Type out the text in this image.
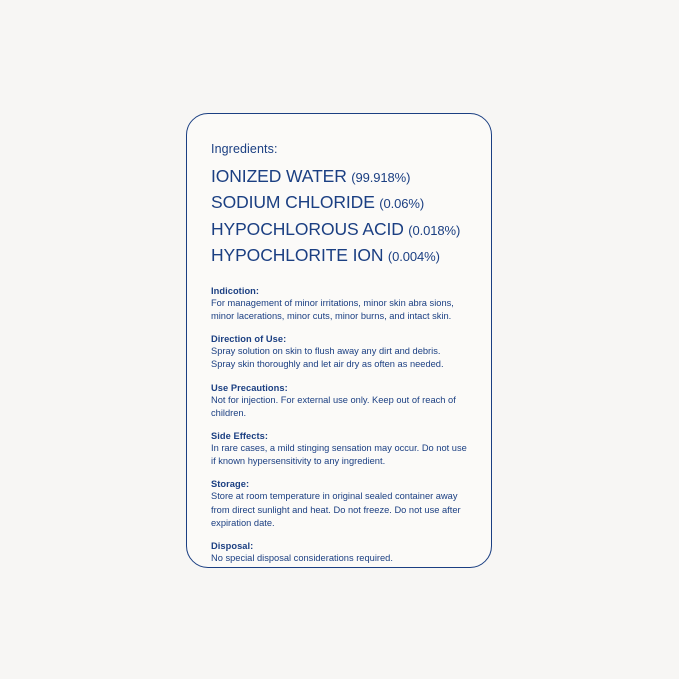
Ingredients:

IONIZED WATER (99.918%)
SODIUM CHLORIDE (0.06%)
HYPOCHLOROUS ACID (0.018%)
HYPOCHLORITE ION (0.004%)

Indicotion:

For management of minor irritations, minor skin abra sions, minor lacerations, minor cuts, minor burns, and intact skin.

Direction of Use:

Spray solution on skin to flush away any dirt and debris. Spray skin thoroughly and let air dry as often as needed.

Use Precautions:

Not for injection. For external use only. Keep out of reach of children.

Side Effects:

In rare cases, a mild stinging sensation may occur. Do not use if known hypersensitivity to any ingredient.

Storage:

Store at room temperature in original sealed container away from direct sunlight and heat. Do not freeze. Do not use after expiration date.

Disposal:

No special disposal considerations required.
